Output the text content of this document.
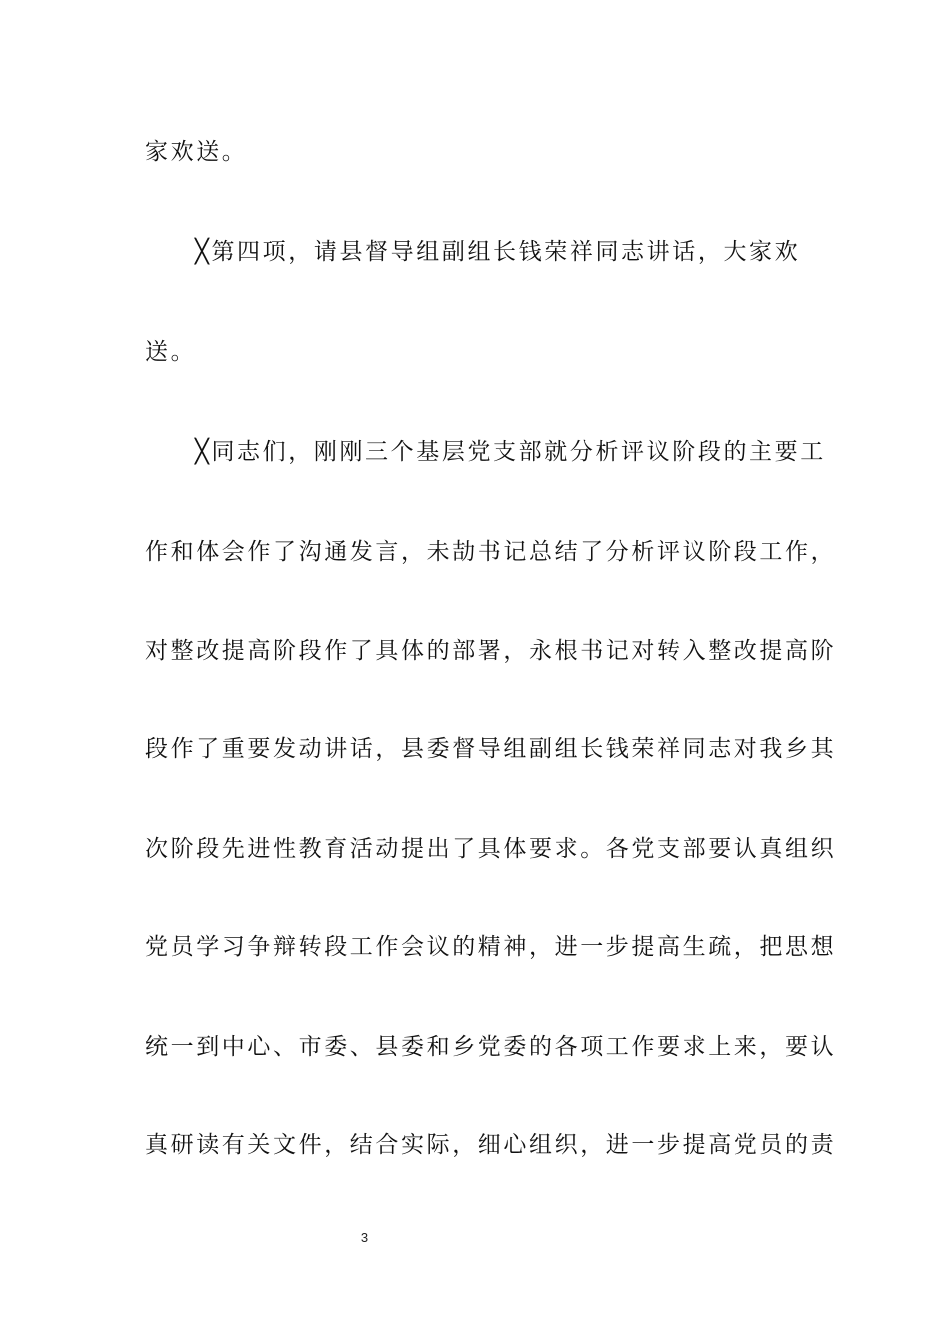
家欢送。
╳第四项，请县督导组副组长钱荣祥同志讲话，大家欢
送。
╳同志们，刚刚三个基层党支部就分析评议阶段的主要工
作和体会作了沟通发言，未劼书记总结了分析评议阶段工作，
对整改提高阶段作了具体的部署，永根书记对转入整改提高阶
段作了重要发动讲话，县委督导组副组长钱荣祥同志对我乡其
次阶段先进性教育活动提出了具体要求。各党支部要认真组织
党员学习争辩转段工作会议的精神，进一步提高生疏，把思想
统一到中心、市委、县委和乡党委的各项工作要求上来，要认
真研读有关文件，结合实际，细心组织，进一步提高党员的责
3
